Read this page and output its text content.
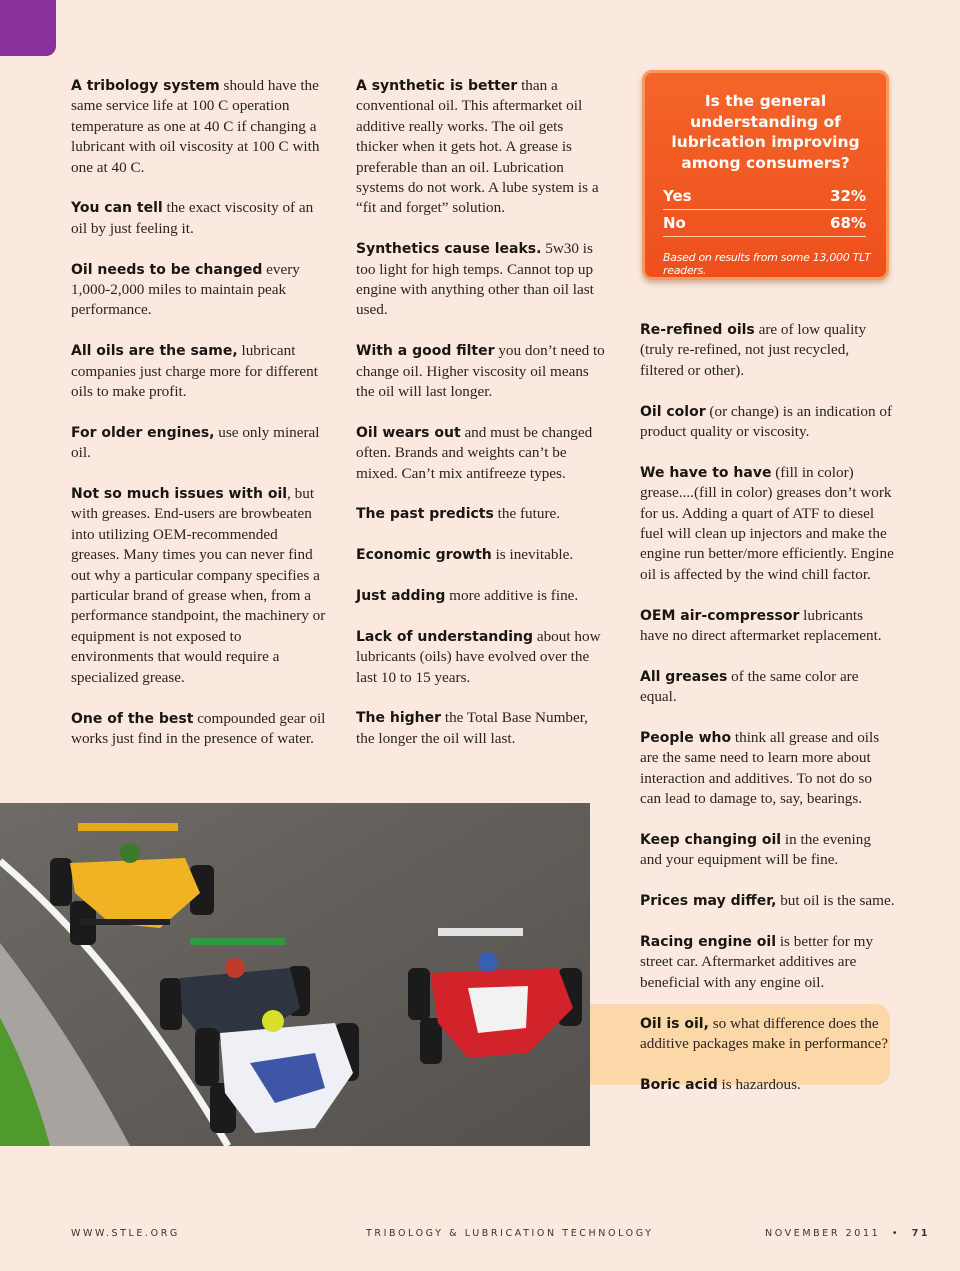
A tribology system should have the same service life at 100 C operation temperature as one at 40 C if changing a lubricant with oil viscosity at 100 C with one at 40 C.

You can tell the exact viscosity of an oil by just feeling it.

Oil needs to be changed every 1,000-2,000 miles to maintain peak performance.

All oils are the same, lubricant companies just charge more for different oils to make profit.

For older engines, use only mineral oil.

Not so much issues with oil, but with greases. End-users are browbeaten into utilizing OEM-recommended greases. Many times you can never find out why a particular company specifies a particular brand of grease when, from a performance standpoint, the machinery or equipment is not exposed to environments that would require a specialized grease.

One of the best compounded gear oil works just find in the presence of water.

A synthetic is better than a conventional oil. This aftermarket oil additive really works. The oil gets thicker when it gets hot. A grease is preferable than an oil. Lubrication systems do not work. A lube system is a “fit and forget” solution.

Synthetics cause leaks. 5w30 is too light for high temps. Cannot top up engine with anything other than oil last used.

With a good filter you don’t need to change oil. Higher viscosity oil means the oil will last longer.

Oil wears out and must be changed often. Brands and weights can’t be mixed. Can’t mix antifreeze types.

The past predicts the future.

Economic growth is inevitable.

Just adding more additive is fine.

Lack of understanding about how lubricants (oils) have evolved over the last 10 to 15 years.

The higher the Total Base Number, the longer the oil will last.

Is the general understanding of lubrication improving among consumers?
Yes	32%
No	68%
Based on results from some 13,000 TLT readers.

Re-refined oils are of low quality (truly re-refined, not just recycled, filtered or other).

Oil color (or change) is an indication of product quality or viscosity.

We have to have (fill in color) grease....(fill in color) greases don’t work for us. Adding a quart of ATF to diesel fuel will clean up injectors and make the engine run better/more efficiently. Engine oil is affected by the wind chill factor.

OEM air-compressor lubricants have no direct aftermarket replacement.

All greases of the same color are equal.

People who think all grease and oils are the same need to learn more about interaction and additives. To not do so can lead to damage to, say, bearings.

Keep changing oil in the evening and your equipment will be fine.

Prices may differ, but oil is the same.

Racing engine oil is better for my street car. Aftermarket additives are beneficial with any engine oil.

Oil is oil, so what difference does the additive packages make in performance?

Boric acid is hazardous.

WWW.STLE.ORG	TRIBOLOGY & LUBRICATION TECHNOLOGY	NOVEMBER 2011 • 71
